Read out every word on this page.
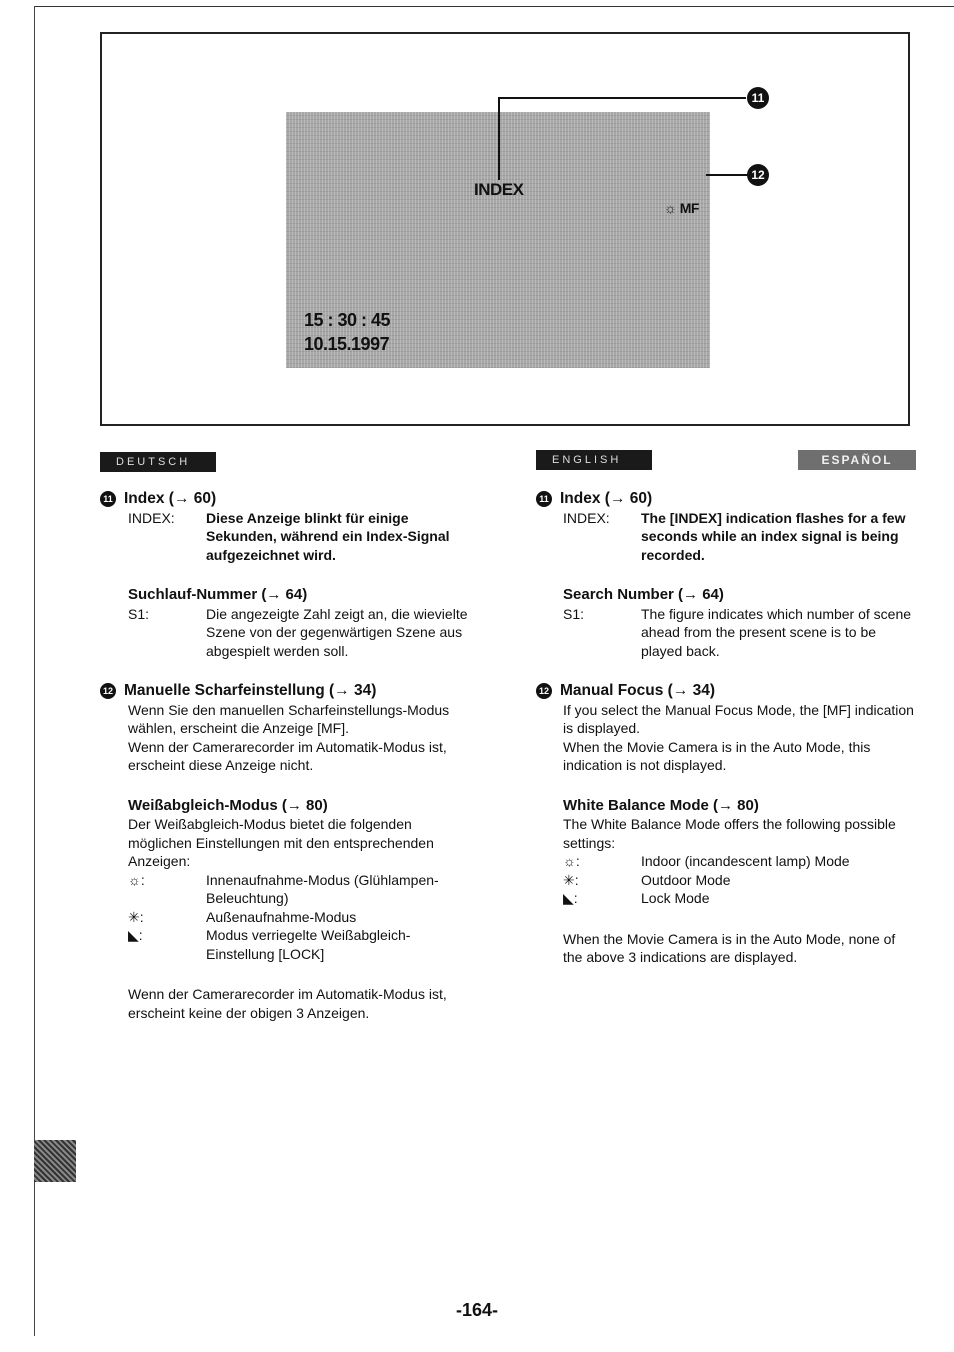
INDEX
☼ MF
15 : 30 : 45
10.15.1997
11
12
DEUTSCH	ENGLISH	ESPAÑOL
11 Index (→ 60)
INDEX:	Diese Anzeige blinkt für einige Sekunden, während ein Index-Signal aufgezeichnet wird.
Suchlauf-Nummer (→ 64)
S1:	Die angezeigte Zahl zeigt an, die wievielte Szene von der gegenwärtigen Szene aus abgespielt werden soll.
12 Manuelle Scharfeinstellung (→ 34)
Wenn Sie den manuellen Scharfeinstellungs-Modus wählen, erscheint die Anzeige [MF].
Wenn der Camerarecorder im Automatik-Modus ist, erscheint diese Anzeige nicht.
Weißabgleich-Modus (→ 80)
Der Weißabgleich-Modus bietet die folgenden möglichen Einstellungen mit den entsprechenden Anzeigen:
☼:	Innenaufnahme-Modus (Glühlampen-Beleuchtung)
✳:	Außenaufnahme-Modus
◣:	Modus verriegelte Weißabgleich-Einstellung [LOCK]
Wenn der Camerarecorder im Automatik-Modus ist, erscheint keine der obigen 3 Anzeigen.
11 Index (→ 60)
INDEX:	The [INDEX] indication flashes for a few seconds while an index signal is being recorded.
Search Number (→ 64)
S1:	The figure indicates which number of scene ahead from the present scene is to be played back.
12 Manual Focus (→ 34)
If you select the Manual Focus Mode, the [MF] indication is displayed.
When the Movie Camera is in the Auto Mode, this indication is not displayed.
White Balance Mode (→ 80)
The White Balance Mode offers the following possible settings:
☼:	Indoor (incandescent lamp) Mode
✳:	Outdoor Mode
◣:	Lock Mode
When the Movie Camera is in the Auto Mode, none of the above 3 indications are displayed.
-164-
